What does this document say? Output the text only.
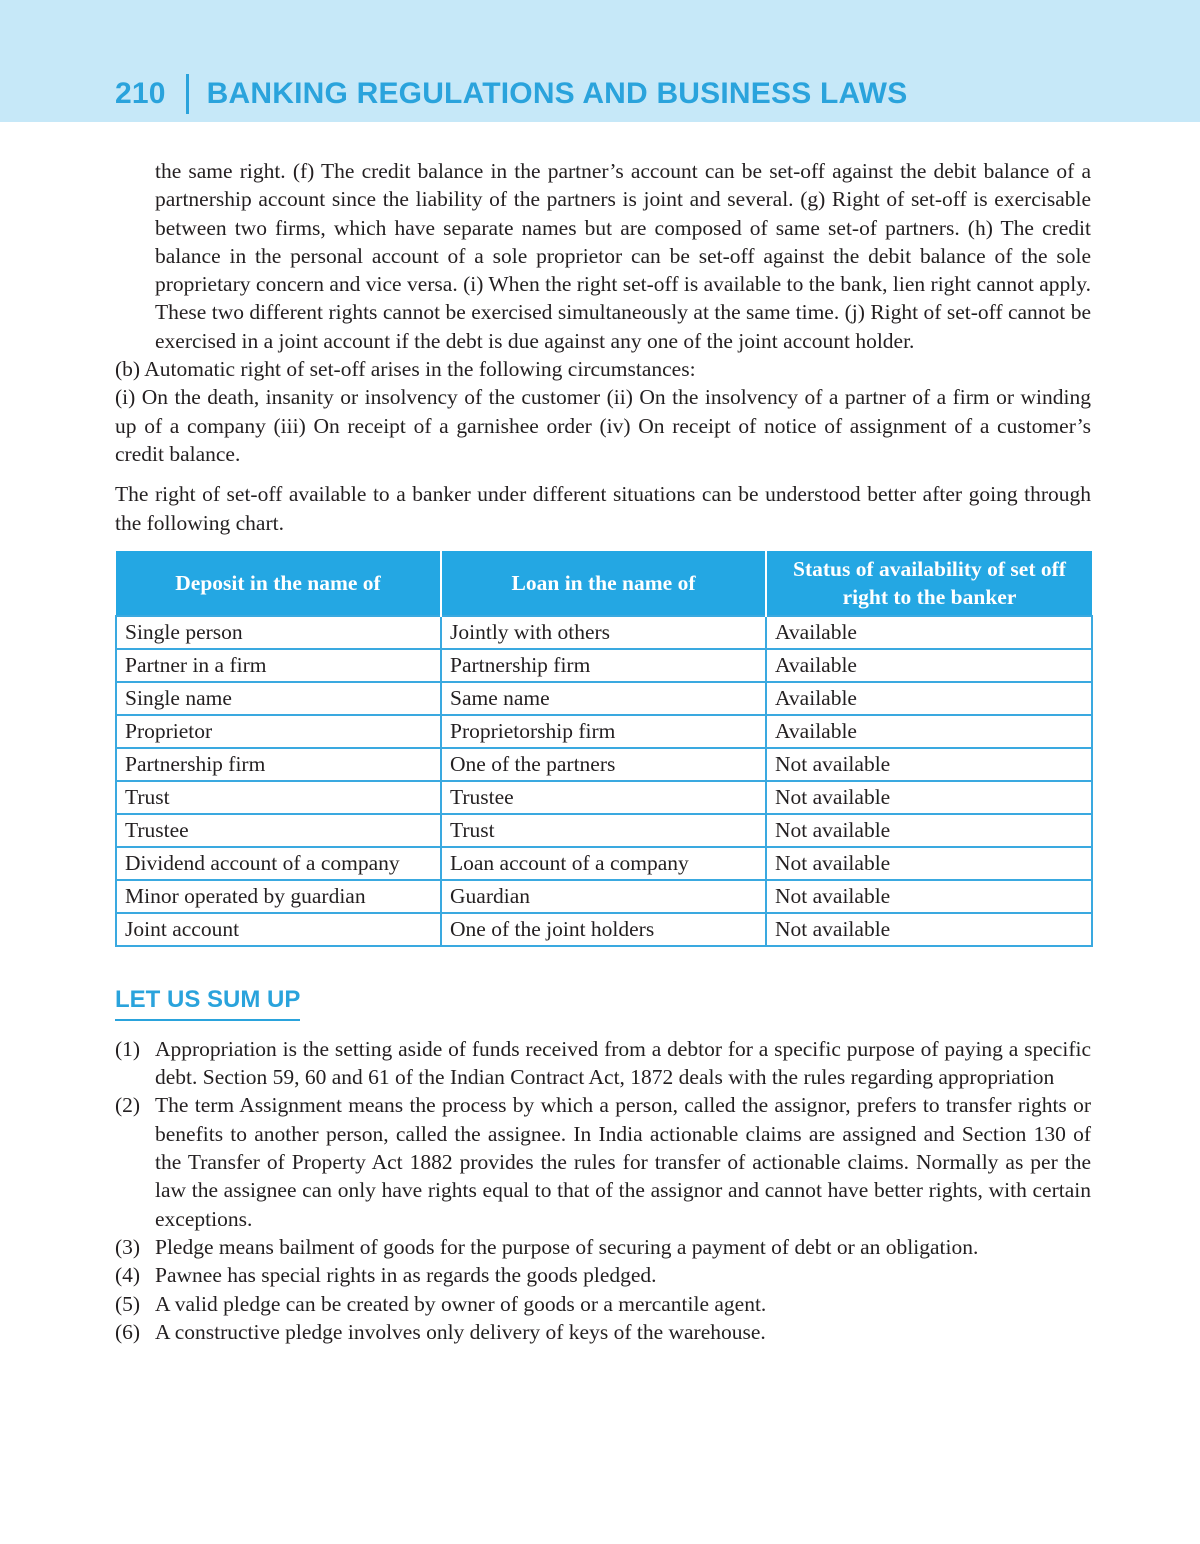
210 BANKING REGULATIONS AND BUSINESS LAWS

the same right. (f) The credit balance in the partner’s account can be set-off against the debit balance of a partnership account since the liability of the partners is joint and several. (g) Right of set-off is exercisable between two firms, which have separate names but are composed of same set-of partners. (h) The credit balance in the personal account of a sole proprietor can be set-off against the debit balance of the sole proprietary concern and vice versa. (i) When the right set-off is available to the bank, lien right cannot apply. These two different rights cannot be exercised simultaneously at the same time. (j) Right of set-off cannot be exercised in a joint account if the debt is due against any one of the joint account holder.

(b) Automatic right of set-off arises in the following circumstances:

(i) On the death, insanity or insolvency of the customer (ii) On the insolvency of a partner of a firm or winding up of a company (iii) On receipt of a garnishee order (iv) On receipt of notice of assignment of a customer’s credit balance.

The right of set-off available to a banker under different situations can be understood better after going through the following chart.

Deposit in the name of	Loan in the name of	Status of availability of set off right to the banker
Single person	Jointly with others	Available
Partner in a firm	Partnership firm	Available
Single name	Same name	Available
Proprietor	Proprietorship firm	Available
Partnership firm	One of the partners	Not available
Trust	Trustee	Not available
Trustee	Trust	Not available
Dividend account of a company	Loan account of a company	Not available
Minor operated by guardian	Guardian	Not available
Joint account	One of the joint holders	Not available
LET US SUM UP
(1) Appropriation is the setting aside of funds received from a debtor for a specific purpose of paying a specific debt. Section 59, 60 and 61 of the Indian Contract Act, 1872 deals with the rules regarding appropriation
(2) The term Assignment means the process by which a person, called the assignor, prefers to transfer rights or benefits to another person, called the assignee. In India actionable claims are assigned and Section 130 of the Transfer of Property Act 1882 provides the rules for transfer of actionable claims. Normally as per the law the assignee can only have rights equal to that of the assignor and cannot have better rights, with certain exceptions.
(3) Pledge means bailment of goods for the purpose of securing a payment of debt or an obligation.
(4) Pawnee has special rights in as regards the goods pledged.
(5) A valid pledge can be created by owner of goods or a mercantile agent.
(6) A constructive pledge involves only delivery of keys of the warehouse.
